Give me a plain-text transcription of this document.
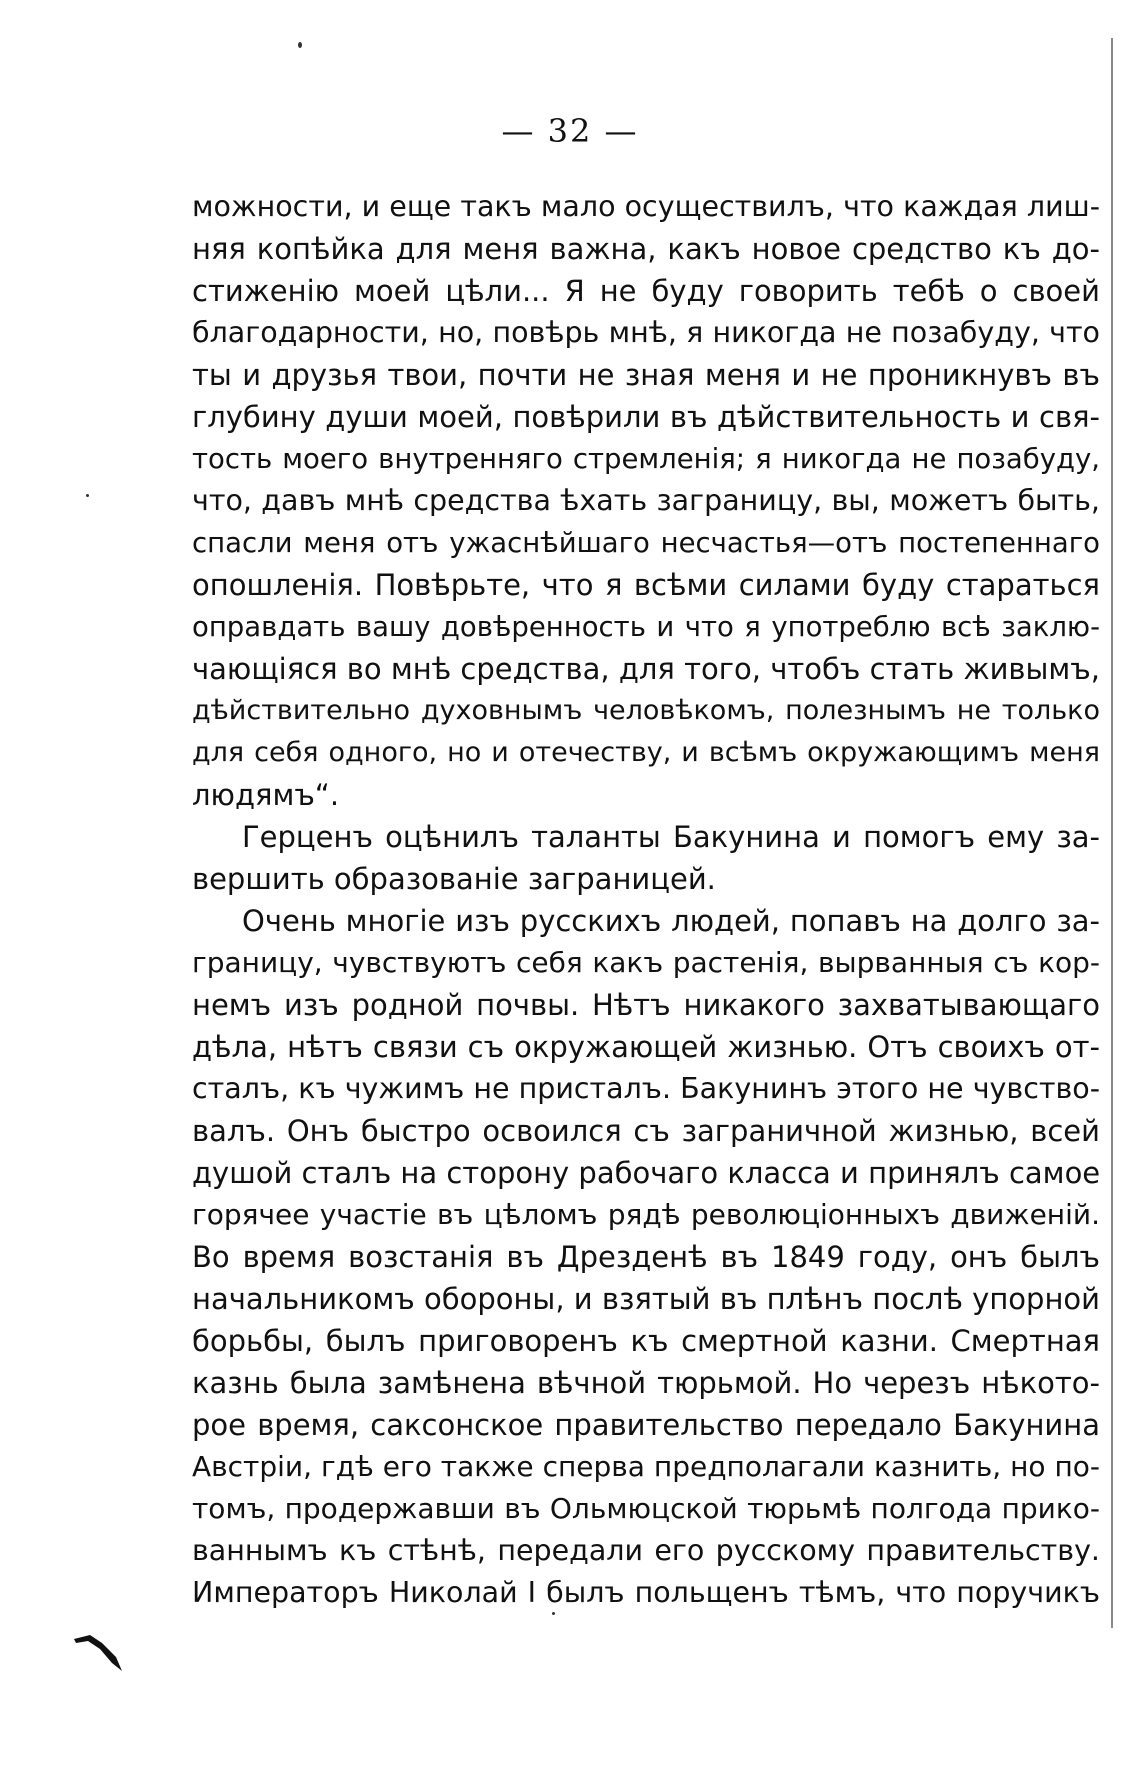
— 32 —
можности, и еще такъ мало осуществилъ, что каждая лиш-
няя копѣйка для меня важна, какъ новое средство къ до-
стиженію моей цѣли... Я не буду говорить тебѣ о своей
благодарности, но, повѣрь мнѣ, я никогда не позабуду, что
ты и друзья твои, почти не зная меня и не проникнувъ въ
глубину души моей, повѣрили въ дѣйствительность и свя-
тость моего внутренняго стремленія; я никогда не позабуду,
что, давъ мнѣ средства ѣхать заграницу, вы, можетъ быть,
спасли меня отъ ужаснѣйшаго несчастья—отъ постепеннаго
опошленія. Повѣрьте, что я всѣми силами буду стараться
оправдать вашу довѣренность и что я употреблю всѣ заклю-
чающіяся во мнѣ средства, для того, чтобъ стать живымъ,
дѣйствительно духовнымъ человѣкомъ, полезнымъ не только
для себя одного, но и отечеству, и всѣмъ окружающимъ меня
людямъ“.
Герценъ оцѣнилъ таланты Бакунина и помогъ ему за-
вершить образованіе заграницей.
Очень многіе изъ русскихъ людей, попавъ на долго за-
границу, чувствуютъ себя какъ растенія, вырванныя съ кор-
немъ изъ родной почвы. Нѣтъ никакого захватывающаго
дѣла, нѣтъ связи съ окружающей жизнью. Отъ своихъ от-
сталъ, къ чужимъ не присталъ. Бакунинъ этого не чувство-
валъ. Онъ быстро освоился съ заграничной жизнью, всей
душой сталъ на сторону рабочаго класса и принялъ самое
горячее участіе въ цѣломъ рядѣ революціонныхъ движеній.
Во время возстанія въ Дрезденѣ въ 1849 году, онъ былъ
начальникомъ обороны, и взятый въ плѣнъ послѣ упорной
борьбы, былъ приговоренъ къ смертной казни. Смертная
казнь была замѣнена вѣчной тюрьмой. Но черезъ нѣкото-
рое время, саксонское правительство передало Бакунина
Австріи, гдѣ его также сперва предполагали казнить, но по-
томъ, продержавши въ Ольмюцской тюрьмѣ полгода прико-
ваннымъ къ стѣнѣ, передали его русскому правительству.
Императоръ Николай I былъ польщенъ тѣмъ, что поручикъ
